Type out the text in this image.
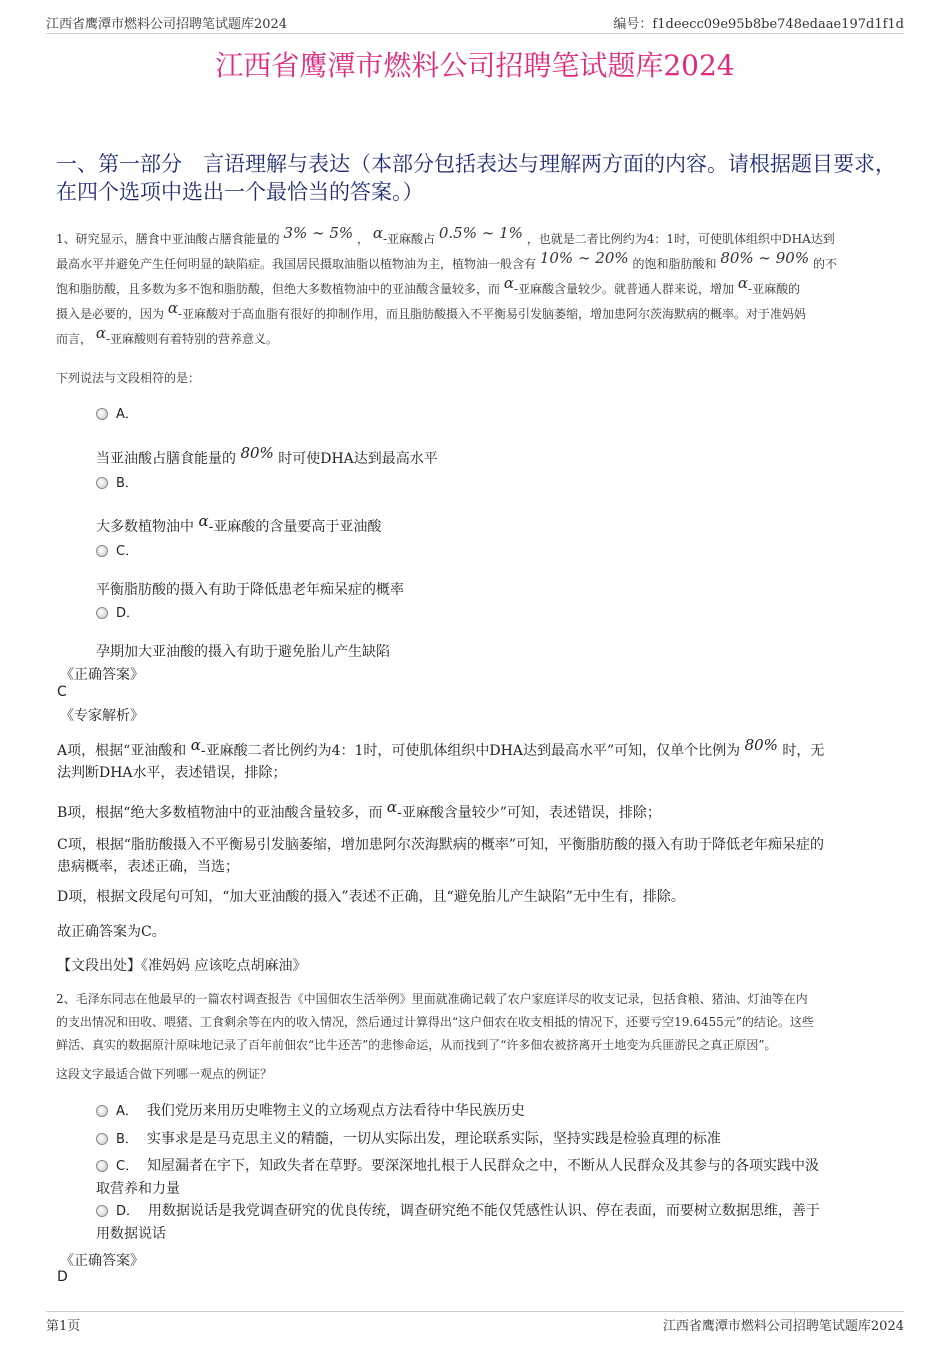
江西省鹰潭市燃料公司招聘笔试题库2024	编号：f1deecc09e95b8be748edaae197d1f1d
江西省鹰潭市燃料公司招聘笔试题库2024
一、第一部分　言语理解与表达（本部分包括表达与理解两方面的内容。请根据题目要求，在四个选项中选出一个最恰当的答案。）
1、研究显示，膳食中亚油酸占膳食能量的 3% ∼ 5% ， α-亚麻酸占 0.5% ∼ 1% ，也就是二者比例约为4：1时，可使肌体组织中DHA达到
最高水平并避免产生任何明显的缺陷症。我国居民摄取油脂以植物油为主，植物油一般含有 10% ∼ 20% 的饱和脂肪酸和 80% ∼ 90% 的不
饱和脂肪酸，且多数为多不饱和脂肪酸，但绝大多数植物油中的亚油酸含量较多，而 α-亚麻酸含量较少。就普通人群来说，增加 α-亚麻酸的
摄入是必要的，因为 α-亚麻酸对于高血脂有很好的抑制作用，而且脂肪酸摄入不平衡易引发脑萎缩，增加患阿尔茨海默病的概率。对于准妈妈
而言， α-亚麻酸则有着特别的营养意义。
下列说法与文段相符的是：
A．
当亚油酸占膳食能量的 80% 时可使DHA达到最高水平
B．
大多数植物油中 α-亚麻酸的含量要高于亚油酸
C．
平衡脂肪酸的摄入有助于降低患老年痴呆症的概率
D．
孕期加大亚油酸的摄入有助于避免胎儿产生缺陷
《正确答案》
C
《专家解析》
A项，根据“亚油酸和 α-亚麻酸二者比例约为4：1时，可使肌体组织中DHA达到最高水平”可知，仅单个比例为 80% 时，无
法判断DHA水平，表述错误，排除；
B项，根据“绝大多数植物油中的亚油酸含量较多，而 α-亚麻酸含量较少”可知，表述错误，排除；
C项，根据“脂肪酸摄入不平衡易引发脑萎缩，增加患阿尔茨海默病的概率”可知，平衡脂肪酸的摄入有助于降低老年痴呆症的
患病概率，表述正确，当选；
D项，根据文段尾句可知，“加大亚油酸的摄入”表述不正确，且“避免胎儿产生缺陷”无中生有，排除。
故正确答案为C。
【文段出处】《准妈妈 应该吃点胡麻油》
2、毛泽东同志在他最早的一篇农村调查报告《中国佃农生活举例》里面就准确记载了农户家庭详尽的收支记录，包括食粮、猪油、灯油等在内
的支出情况和田收、喂猪、工食剩余等在内的收入情况，然后通过计算得出“这户佃农在收支相抵的情况下，还要亏空19.6455元”的结论。这些
鲜活、真实的数据原汁原味地记录了百年前佃农“比牛还苦”的悲惨命运，从而找到了“许多佃农被挤离开土地变为兵匪游民之真正原因”。
这段文字最适合做下列哪一观点的例证？
A． 我们党历来用历史唯物主义的立场观点方法看待中华民族历史
B． 实事求是是马克思主义的精髓，一切从实际出发，理论联系实际，坚持实践是检验真理的标准
C． 知屋漏者在宇下，知政失者在草野。要深深地扎根于人民群众之中，不断从人民群众及其参与的各项实践中汲
取营养和力量
D． 用数据说话是我党调查研究的优良传统，调查研究绝不能仅凭感性认识、停在表面，而要树立数据思维，善于
用数据说话
《正确答案》
D
第1页	江西省鹰潭市燃料公司招聘笔试题库2024
